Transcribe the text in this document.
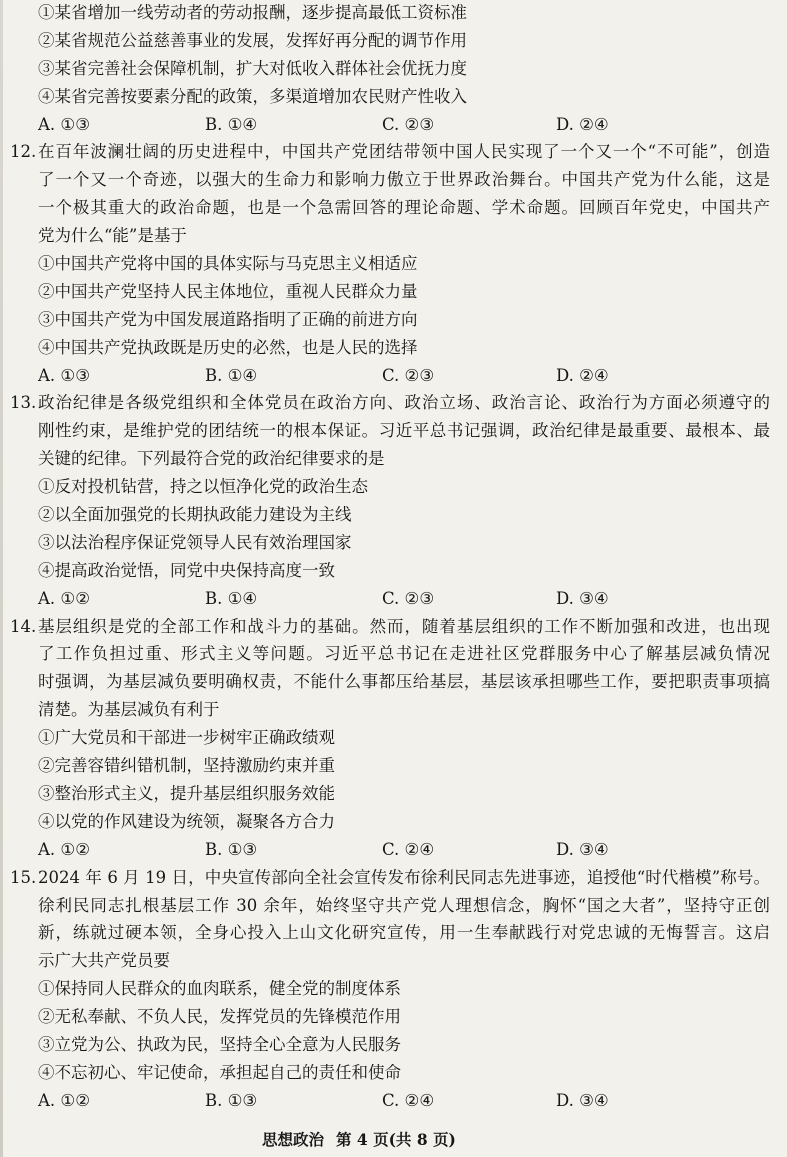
①某省增加一线劳动者的劳动报酬，逐步提高最低工资标准
②某省规范公益慈善事业的发展，发挥好再分配的调节作用
③某省完善社会保障机制，扩大对低收入群体社会优抚力度
④某省完善按要素分配的政策，多渠道增加农民财产性收入
A. ①③	B. ①④	C. ②③	D. ②④
12. 在百年波澜壮阔的历史进程中，中国共产党团结带领中国人民实现了一个又一个“不可能”，创造
了一个又一个奇迹，以强大的生命力和影响力傲立于世界政治舞台。中国共产党为什么能，这是
一个极其重大的政治命题，也是一个急需回答的理论命题、学术命题。回顾百年党史，中国共产
党为什么“能”是基于
①中国共产党将中国的具体实际与马克思主义相适应
②中国共产党坚持人民主体地位，重视人民群众力量
③中国共产党为中国发展道路指明了正确的前进方向
④中国共产党执政既是历史的必然，也是人民的选择
A. ①③	B. ①④	C. ②③	D. ②④
13. 政治纪律是各级党组织和全体党员在政治方向、政治立场、政治言论、政治行为方面必须遵守的
刚性约束，是维护党的团结统一的根本保证。习近平总书记强调，政治纪律是最重要、最根本、最
关键的纪律。下列最符合党的政治纪律要求的是
①反对投机钻营，持之以恒净化党的政治生态
②以全面加强党的长期执政能力建设为主线
③以法治程序保证党领导人民有效治理国家
④提高政治觉悟，同党中央保持高度一致
A. ①②	B. ①④	C. ②③	D. ③④
14. 基层组织是党的全部工作和战斗力的基础。然而，随着基层组织的工作不断加强和改进，也出现
了工作负担过重、形式主义等问题。习近平总书记在走进社区党群服务中心了解基层减负情况
时强调，为基层减负要明确权责，不能什么事都压给基层，基层该承担哪些工作，要把职责事项搞
清楚。为基层减负有利于
①广大党员和干部进一步树牢正确政绩观
②完善容错纠错机制，坚持激励约束并重
③整治形式主义，提升基层组织服务效能
④以党的作风建设为统领，凝聚各方合力
A. ①②	B. ①③	C. ②④	D. ③④
15. 2024 年 6 月 19 日，中央宣传部向全社会宣传发布徐利民同志先进事迹，追授他“时代楷模”称号。
徐利民同志扎根基层工作 30 余年，始终坚守共产党人理想信念，胸怀“国之大者”，坚持守正创
新，练就过硬本领，全身心投入上山文化研究宣传，用一生奉献践行对党忠诚的无悔誓言。这启
示广大共产党员要
①保持同人民群众的血肉联系，健全党的制度体系
②无私奉献、不负人民，发挥党员的先锋模范作用
③立党为公、执政为民，坚持全心全意为人民服务
④不忘初心、牢记使命，承担起自己的责任和使命
A. ①②	B. ①③	C. ②④	D. ③④
思想政治 第 4 页(共 8 页)
